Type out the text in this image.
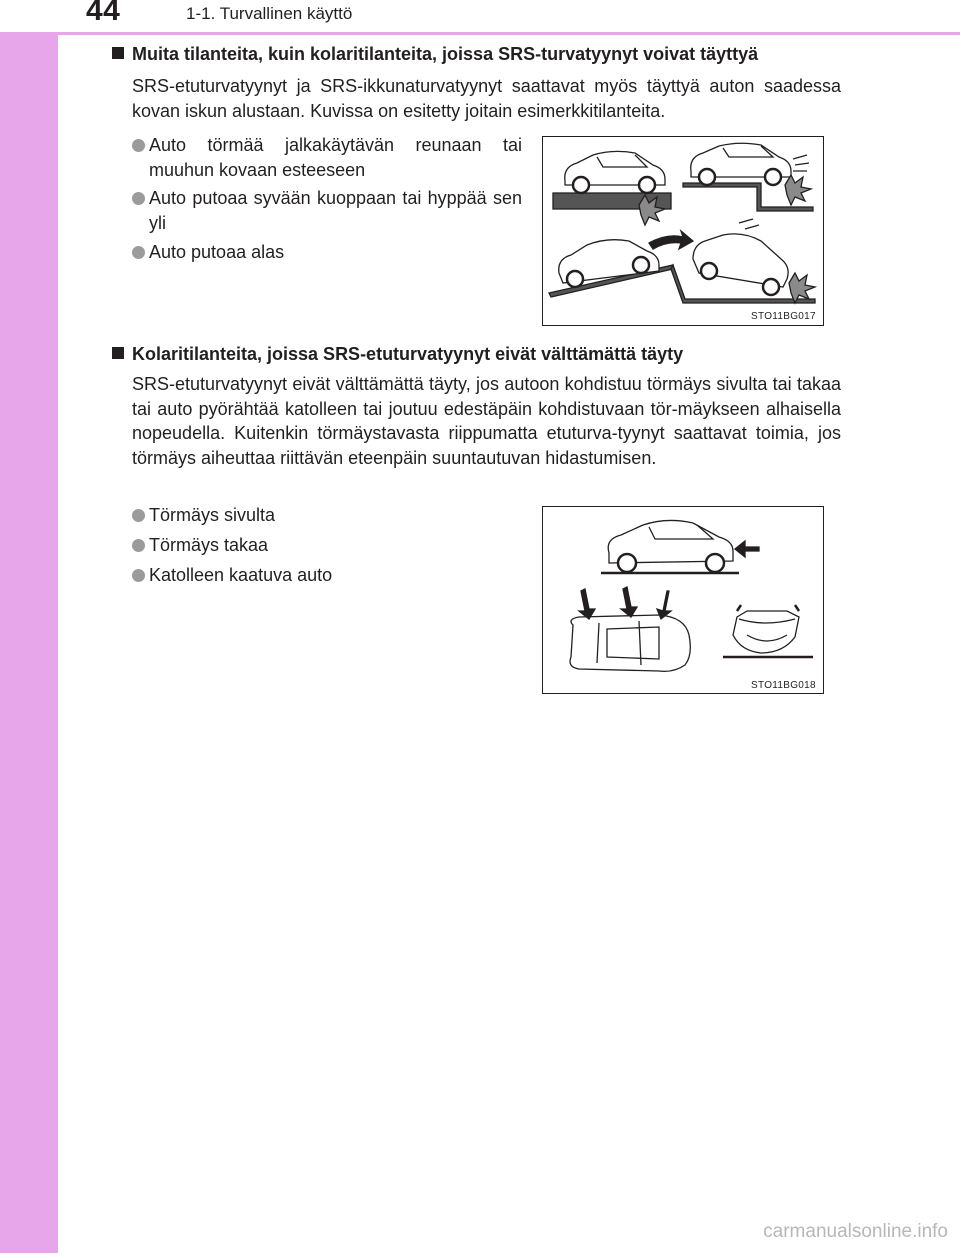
44	1-1. Turvallinen käyttö
Muita tilanteita, kuin kolaritilanteita, joissa SRS-turvatyynyt voivat täyttyä
SRS-etuturvatyynyt ja SRS-ikkunaturvatyynyt saattavat myös täyttyä auton saadessa kovan iskun alustaan. Kuvissa on esitetty joitain esimerkkitilanteita.
Auto törmää jalkakäytävän reunaan tai muuhun kovaan esteeseen
Auto putoaa syvään kuoppaan tai hyppää sen yli
Auto putoaa alas
STO11BG017
Kolaritilanteita, joissa SRS-etuturvatyynyt eivät välttämättä täyty
SRS-etuturvatyynyt eivät välttämättä täyty, jos autoon kohdistuu törmäys sivulta tai takaa tai auto pyörähtää katolleen tai joutuu edestäpäin kohdistuvaan tör-mäykseen alhaisella nopeudella. Kuitenkin törmäystavasta riippumatta etuturva-tyynyt saattavat toimia, jos törmäys aiheuttaa riittävän eteenpäin suuntautuvan hidastumisen.
Törmäys sivulta
Törmäys takaa
Katolleen kaatuva auto
STO11BG018
carmanualsonline.info
